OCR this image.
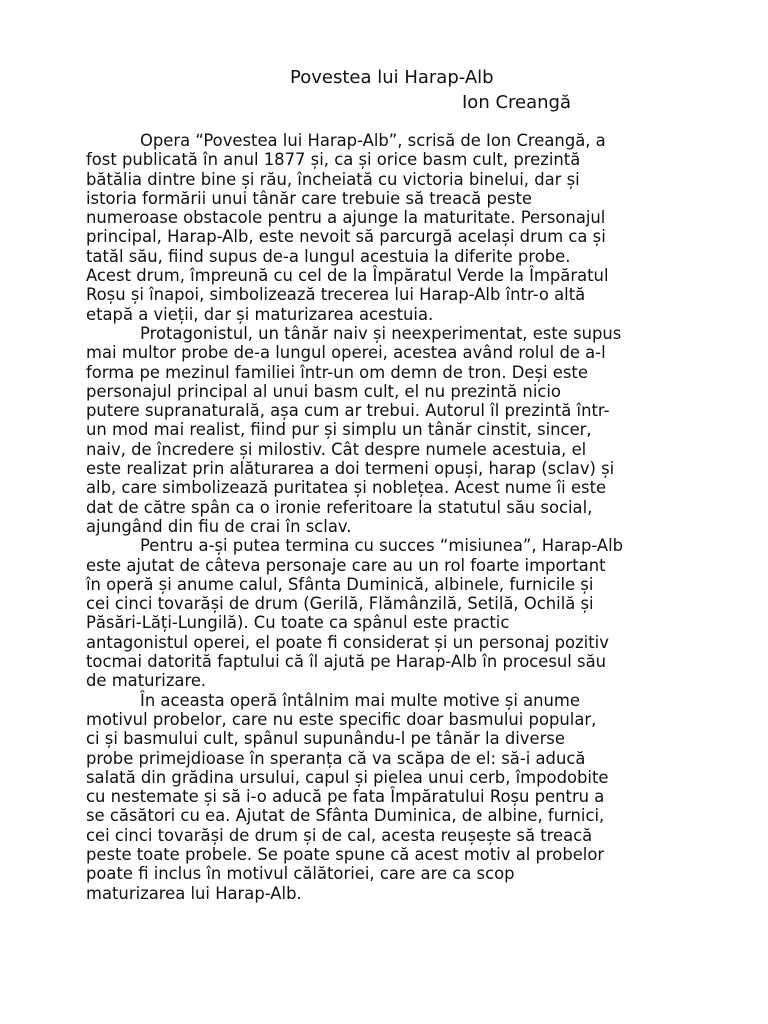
Povestea lui Harap-Alb
Ion Creangă
Opera “Povestea lui Harap-Alb”, scrisă de Ion Creangă, a
fost publicată în anul 1877 și, ca și orice basm cult, prezintă
bătălia dintre bine și rău, încheiată cu victoria binelui, dar și
istoria formării unui tânăr care trebuie să treacă peste
numeroase obstacole pentru a ajunge la maturitate. Personajul
principal, Harap-Alb, este nevoit să parcurgă același drum ca și
tatăl său, fiind supus de-a lungul acestuia la diferite probe.
Acest drum, împreună cu cel de la Împăratul Verde la Împăratul
Roșu și înapoi, simbolizează trecerea lui Harap-Alb într-o altă
etapă a vieții, dar și maturizarea acestuia.
Protagonistul, un tânăr naiv și neexperimentat, este supus
mai multor probe de-a lungul operei, acestea având rolul de a-l
forma pe mezinul familiei într-un om demn de tron. Deși este
personajul principal al unui basm cult, el nu prezintă nicio
putere supranaturală, așa cum ar trebui. Autorul îl prezintă într-
un mod mai realist, fiind pur și simplu un tânăr cinstit, sincer,
naiv, de încredere și milostiv. Cât despre numele acestuia, el
este realizat prin alăturarea a doi termeni opuși, harap (sclav) și
alb, care simbolizează puritatea și noblețea. Acest nume îi este
dat de către spân ca o ironie referitoare la statutul său social,
ajungând din fiu de crai în sclav.
Pentru a-și putea termina cu succes “misiunea”, Harap-Alb
este ajutat de câteva personaje care au un rol foarte important
în operă și anume calul, Sfânta Duminică, albinele, furnicile și
cei cinci tovarăși de drum (Gerilă, Flămânzilă, Setilă, Ochilă și
Păsări-Lăți-Lungilă). Cu toate ca spânul este practic
antagonistul operei, el poate fi considerat și un personaj pozitiv
tocmai datorită faptului că îl ajută pe Harap-Alb în procesul său
de maturizare.
În aceasta operă întâlnim mai multe motive și anume
motivul probelor, care nu este specific doar basmului popular,
ci și basmului cult, spânul supunându-l pe tânăr la diverse
probe primejdioase în speranța că va scăpa de el: să-i aducă
salată din grădina ursului, capul și pielea unui cerb, împodobite
cu nestemate și să i-o aducă pe fata Împăratului Roșu pentru a
se căsători cu ea. Ajutat de Sfânta Duminica, de albine, furnici,
cei cinci tovarăși de drum și de cal, acesta reușește să treacă
peste toate probele. Se poate spune că acest motiv al probelor
poate fi inclus în motivul călătoriei, care are ca scop
maturizarea lui Harap-Alb.
